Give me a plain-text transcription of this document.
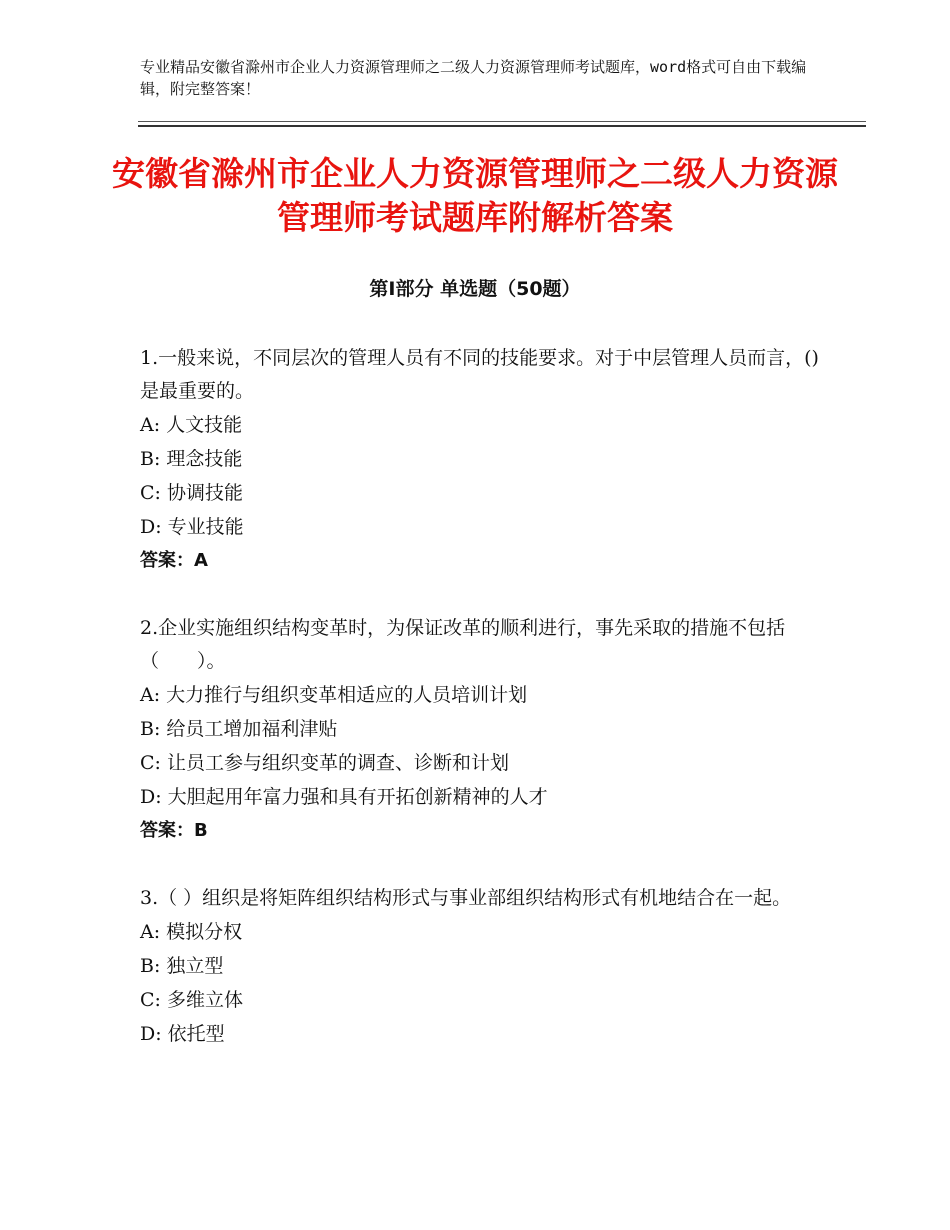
专业精品安徽省滁州市企业人力资源管理师之二级人力资源管理师考试题库，word格式可自由下载编辑，附完整答案！
安徽省滁州市企业人力资源管理师之二级人力资源管理师考试题库附解析答案
第Ⅰ部分 单选题（50题）
1.一般来说，不同层次的管理人员有不同的技能要求。对于中层管理人员而言，()是最重要的。
A: 人文技能
B: 理念技能
C: 协调技能
D: 专业技能
答案：A
2.企业实施组织结构变革时，为保证改革的顺利进行，事先采取的措施不包括（　　）。
A: 大力推行与组织变革相适应的人员培训计划
B: 给员工增加福利津贴
C: 让员工参与组织变革的调查、诊断和计划
D: 大胆起用年富力强和具有开拓创新精神的人才
答案：B
3.（ ）组织是将矩阵组织结构形式与事业部组织结构形式有机地结合在一起。
A: 模拟分权
B: 独立型
C: 多维立体
D: 依托型
